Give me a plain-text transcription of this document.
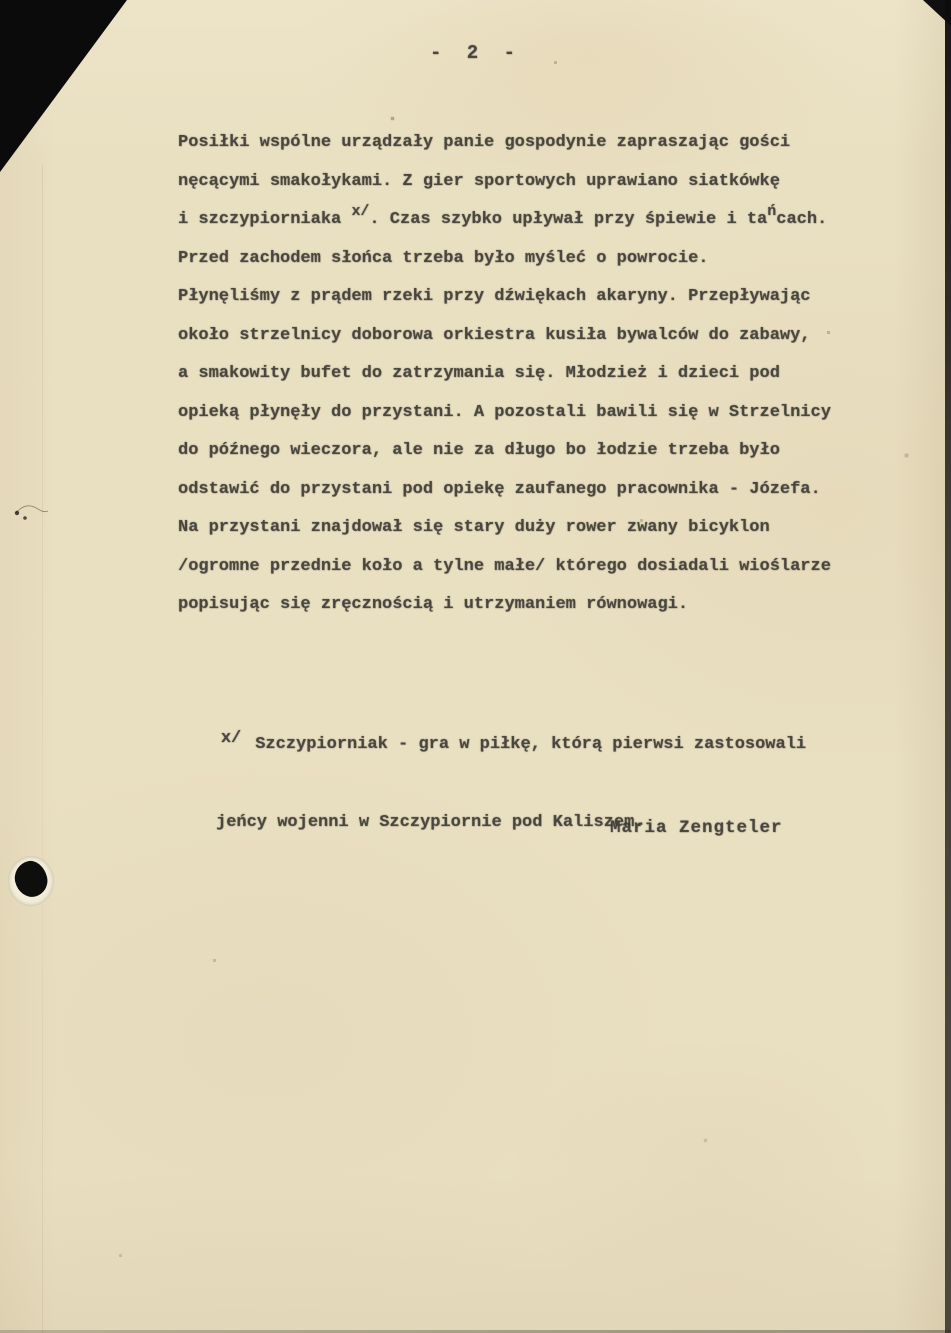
- 2 -
Posiłki wspólne urządzały panie gospodynie zapraszając gości
nęcącymi smakołykami. Z gier sportowych uprawiano siatkówkę
i szczypiorniaka x/. Czas szybko upływał przy śpiewie i tańcach.
Przed zachodem słońca trzeba było myśleć o powrocie.
Płynęliśmy z prądem rzeki przy dźwiękach akaryny. Przepływając
około strzelnicy doborowa orkiestra kusiła bywalców do zabawy,
a smakowity bufet do zatrzymania się. Młodzież i dzieci pod
opieką płynęły do przystani. A pozostali bawili się w Strzelnicy
do późnego wieczora, ale nie za długo bo łodzie trzeba było
odstawić do przystani pod opiekę zaufanego pracownika - Józefa.
Na przystani znajdował się stary duży rower zwany bicyklon
/ogromne przednie koło a tylne małe/ którego dosiadali wioślarze
popisując się zręcznością i utrzymaniem równowagi.

x/ Szczypiorniak - gra w piłkę, którą pierwsi zastosowali

jeńcy wojenni w Szczypiornie pod Kaliszem.

Maria Zengteler
